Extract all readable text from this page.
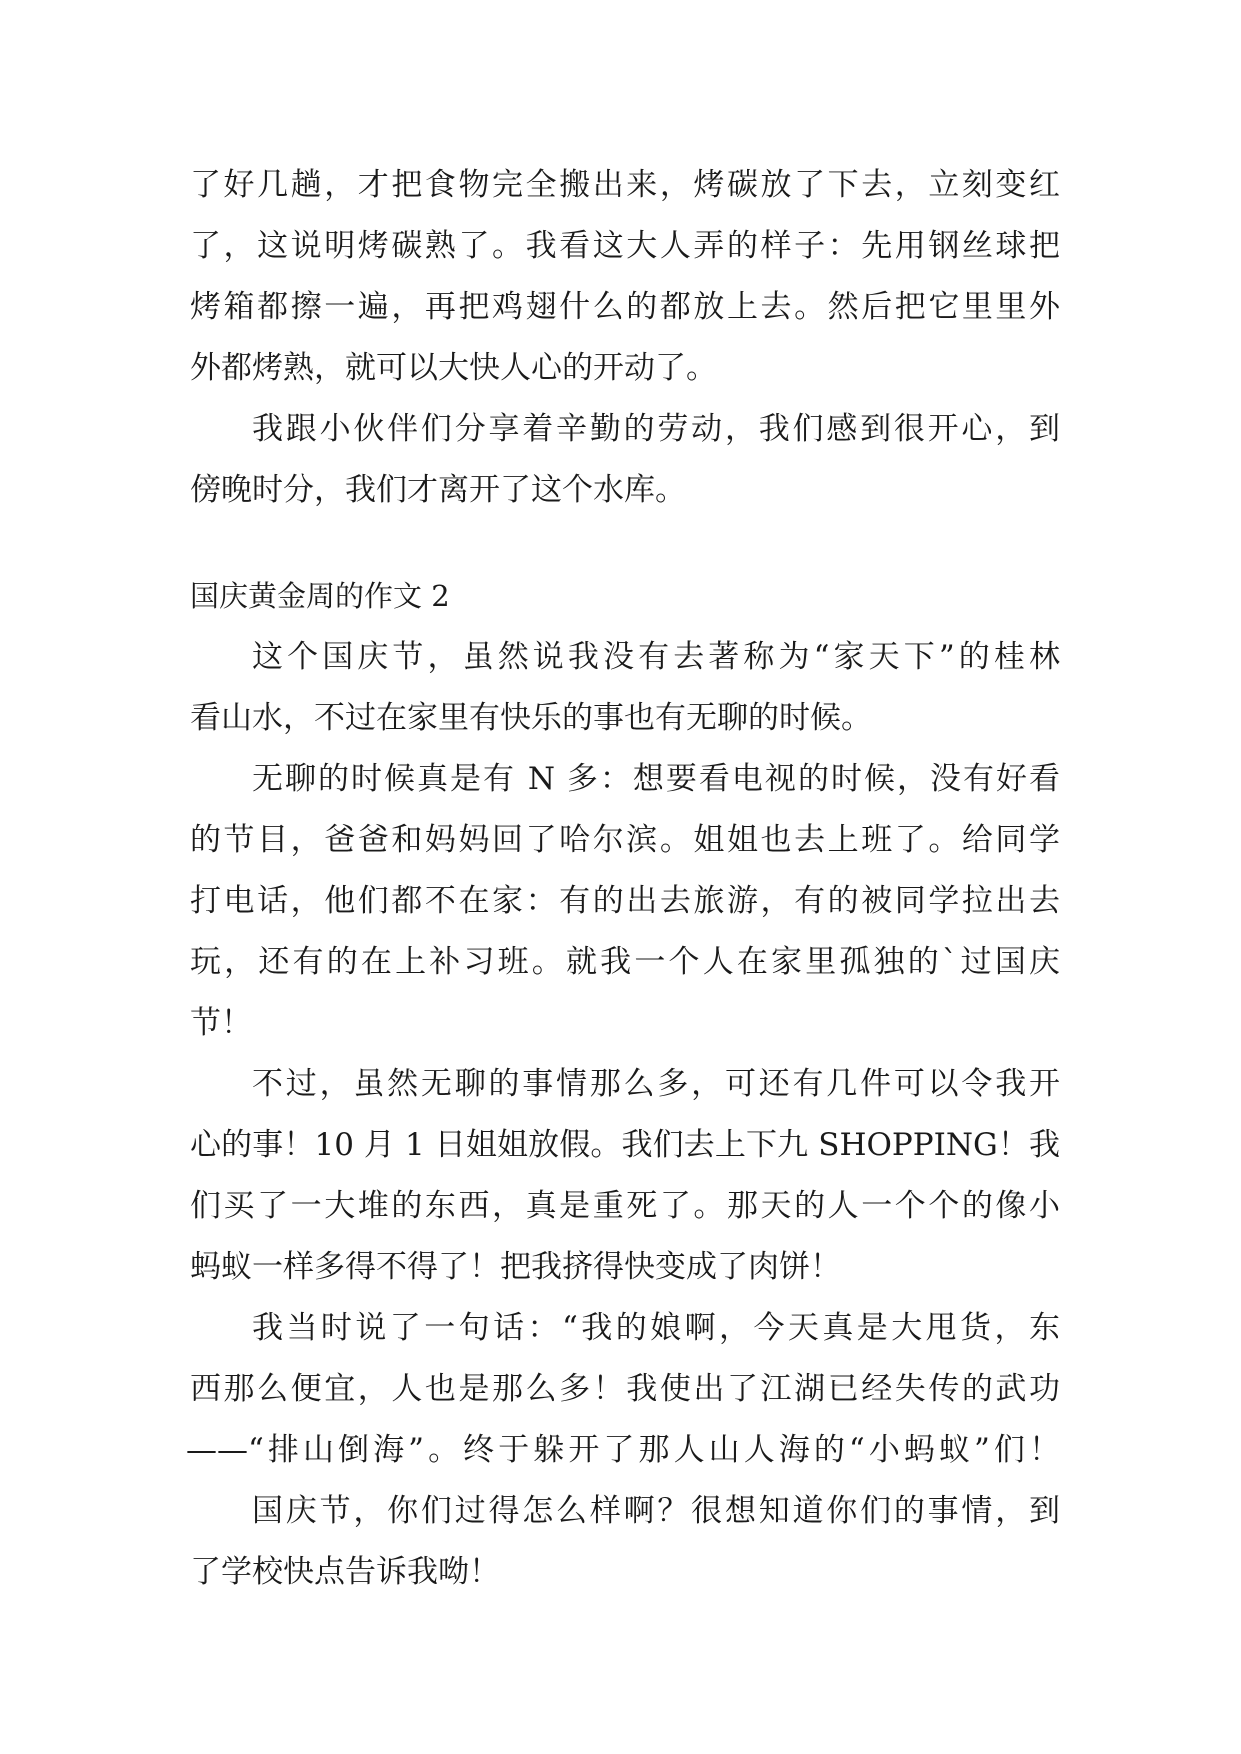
了好几趟，才把食物完全搬出来，烤碳放了下去，立刻变红
了，这说明烤碳熟了。我看这大人弄的样子：先用钢丝球把
烤箱都擦一遍，再把鸡翅什么的都放上去。然后把它里里外
外都烤熟，就可以大快人心的开动了。
我跟小伙伴们分享着辛勤的劳动，我们感到很开心，到
傍晚时分，我们才离开了这个水库。
国庆黄金周的作文 2
这个国庆节，虽然说我没有去著称为“家天下”的桂林
看山水，不过在家里有快乐的事也有无聊的时候。
无聊的时候真是有 N 多：想要看电视的时候，没有好看
的节目，爸爸和妈妈回了哈尔滨。姐姐也去上班了。给同学
打电话，他们都不在家：有的出去旅游，有的被同学拉出去
玩，还有的在上补习班。就我一个人在家里孤独的`过国庆
节！
不过，虽然无聊的事情那么多，可还有几件可以令我开
心的事！10 月 1 日姐姐放假。我们去上下九 SHOPPING！我
们买了一大堆的东西，真是重死了。那天的人一个个的像小
蚂蚁一样多得不得了！把我挤得快变成了肉饼！
我当时说了一句话：“我的娘啊，今天真是大甩货，东
西那么便宜，人也是那么多！我使出了江湖已经失传的武功
——“排山倒海”。终于躲开了那人山人海的“小蚂蚁”们！
国庆节，你们过得怎么样啊？很想知道你们的事情，到
了学校快点告诉我呦！
